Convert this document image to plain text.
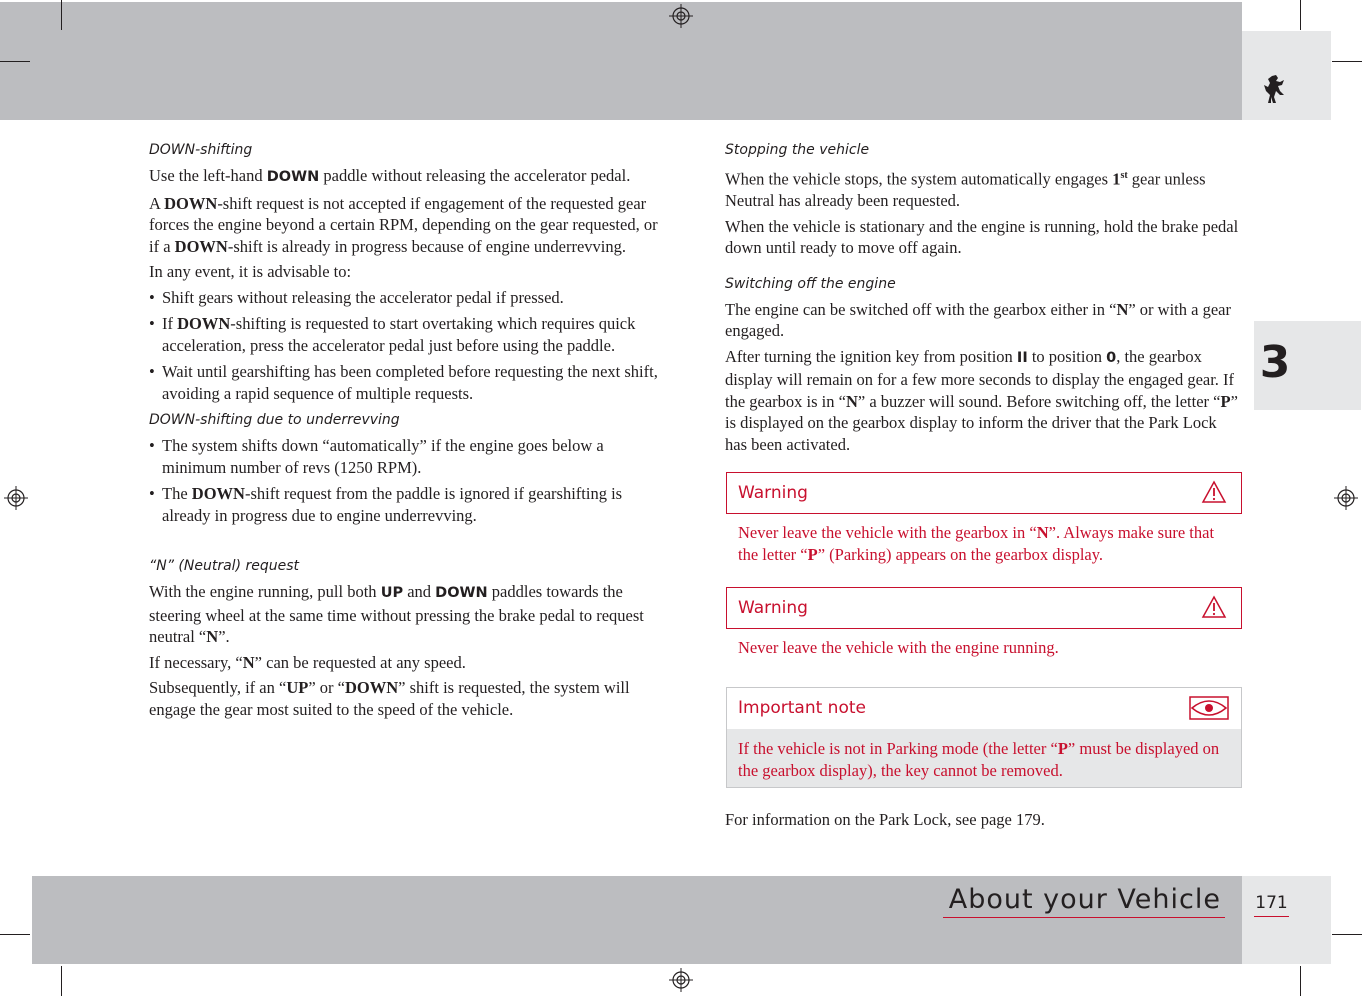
3
About your Vehicle 171
DOWN-shifting

Use the left-hand DOWN paddle without releasing the accelerator pedal.

A DOWN-shift request is not accepted if engagement of the requested gear forces the engine beyond a certain RPM, depending on the gear requested, or if a DOWN-shift is already in progress because of engine underrevving.

In any event, it is advisable to:

• Shift gears without releasing the accelerator pedal if pressed.
• If DOWN-shifting is requested to start overtaking which requires quick acceleration, press the accelerator pedal just before using the paddle.
• Wait until gearshifting has been completed before requesting the next shift, avoiding a rapid sequence of multiple requests.
DOWN-shifting due to underrevving
• The system shifts down “automatically” if the engine goes below a minimum number of revs (1250 RPM).
• The DOWN-shift request from the paddle is ignored if gearshifting is already in progress due to engine underrevving.
“N” (Neutral) request

With the engine running, pull both UP and DOWN paddles towards the steering wheel at the same time without pressing the brake pedal to request neutral “N”.

If necessary, “N” can be requested at any speed.

Subsequently, if an “UP” or “DOWN” shift is requested, the system will engage the gear most suited to the speed of the vehicle.

Stopping the vehicle

When the vehicle stops, the system automatically engages 1st gear unless Neutral has already been requested.

When the vehicle is stationary and the engine is running, hold the brake pedal down until ready to move off again.

Switching off the engine

The engine can be switched off with the gearbox either in “N” or with a gear engaged.

After turning the ignition key from position II to position 0, the gearbox display will remain on for a few more seconds to display the engaged gear. If the gearbox is in “N” a buzzer will sound. Before switching off, the letter “P” is displayed on the gearbox display to inform the driver that the Park Lock has been activated.

Warning
Never leave the vehicle with the gearbox in “N”. Always make sure that the letter “P” (Parking) appears on the gearbox display.
Warning
Never leave the vehicle with the engine running.
Important note
If the vehicle is not in Parking mode (the letter “P” must be displayed on the gearbox display), the key cannot be removed.
For information on the Park Lock, see page 179.
